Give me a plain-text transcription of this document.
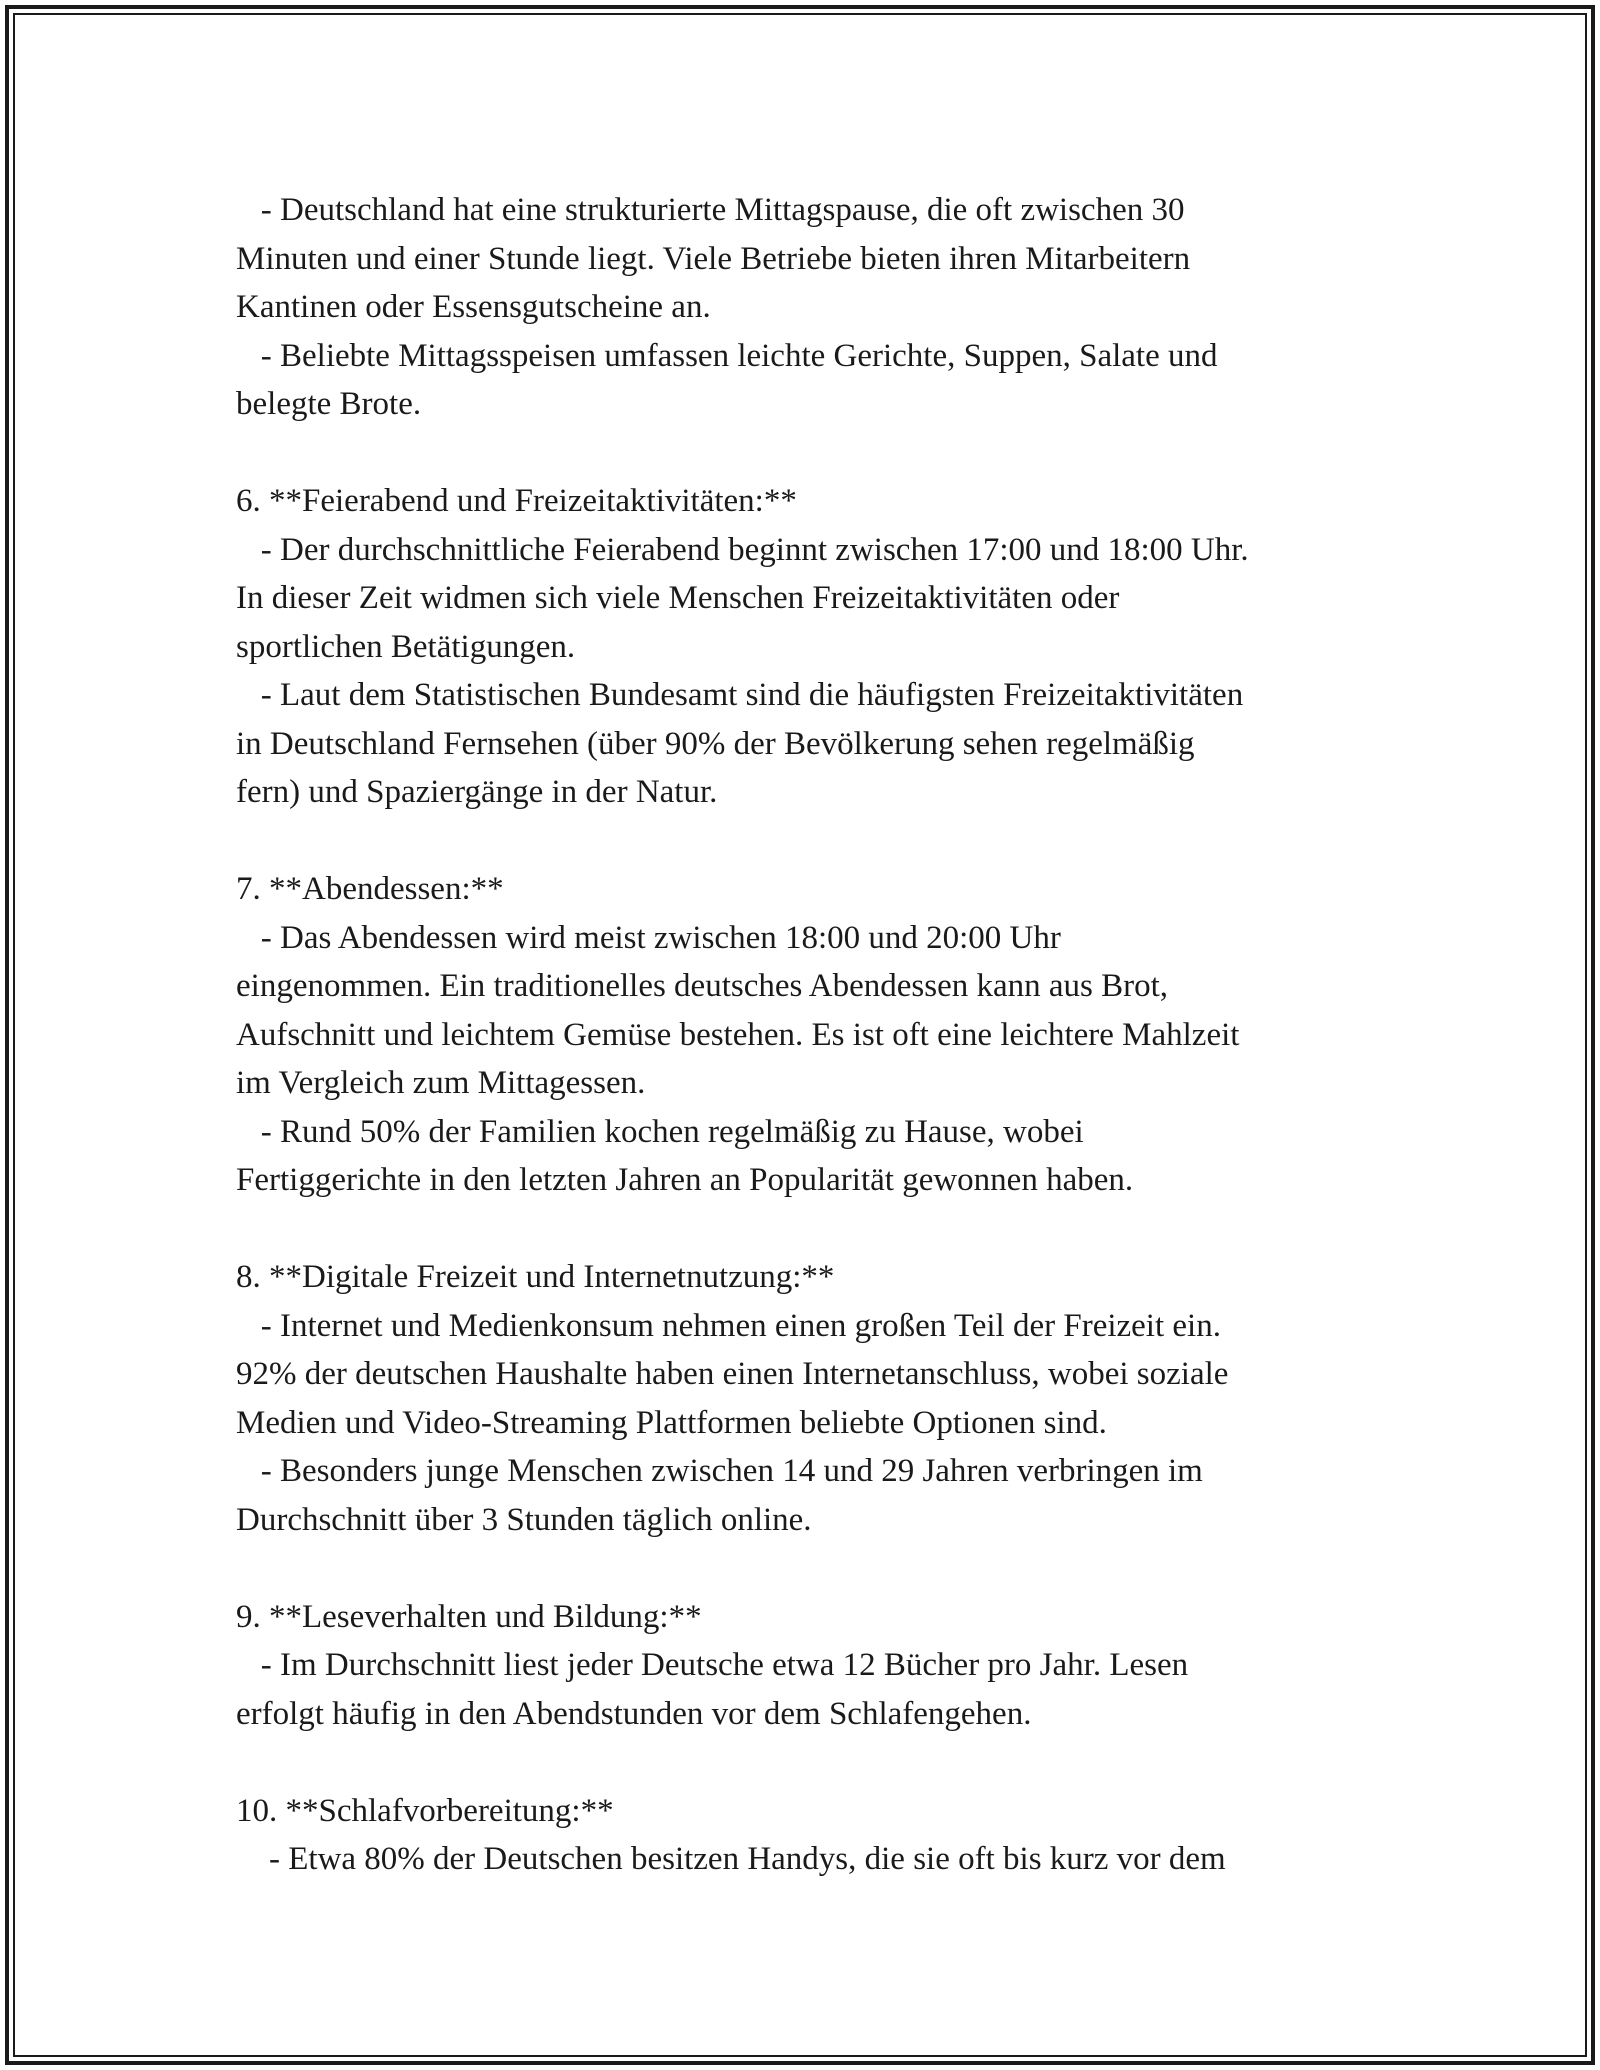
- Deutschland hat eine strukturierte Mittagspause, die oft zwischen 30
Minuten und einer Stunde liegt. Viele Betriebe bieten ihren Mitarbeitern
Kantinen oder Essensgutscheine an.
- Beliebte Mittagsspeisen umfassen leichte Gerichte, Suppen, Salate und
belegte Brote.
6. **Feierabend und Freizeitaktivitäten:**
- Der durchschnittliche Feierabend beginnt zwischen 17:00 und 18:00 Uhr.
In dieser Zeit widmen sich viele Menschen Freizeitaktivitäten oder
sportlichen Betätigungen.
- Laut dem Statistischen Bundesamt sind die häufigsten Freizeitaktivitäten
in Deutschland Fernsehen (über 90% der Bevölkerung sehen regelmäßig
fern) und Spaziergänge in der Natur.
7. **Abendessen:**
- Das Abendessen wird meist zwischen 18:00 und 20:00 Uhr
eingenommen. Ein traditionelles deutsches Abendessen kann aus Brot,
Aufschnitt und leichtem Gemüse bestehen. Es ist oft eine leichtere Mahlzeit
im Vergleich zum Mittagessen.
- Rund 50% der Familien kochen regelmäßig zu Hause, wobei
Fertiggerichte in den letzten Jahren an Popularität gewonnen haben.
8. **Digitale Freizeit und Internetnutzung:**
- Internet und Medienkonsum nehmen einen großen Teil der Freizeit ein.
92% der deutschen Haushalte haben einen Internetanschluss, wobei soziale
Medien und Video-Streaming Plattformen beliebte Optionen sind.
- Besonders junge Menschen zwischen 14 und 29 Jahren verbringen im
Durchschnitt über 3 Stunden täglich online.
9. **Leseverhalten und Bildung:**
- Im Durchschnitt liest jeder Deutsche etwa 12 Bücher pro Jahr. Lesen
erfolgt häufig in den Abendstunden vor dem Schlafengehen.
10. **Schlafvorbereitung:**
- Etwa 80% der Deutschen besitzen Handys, die sie oft bis kurz vor dem
